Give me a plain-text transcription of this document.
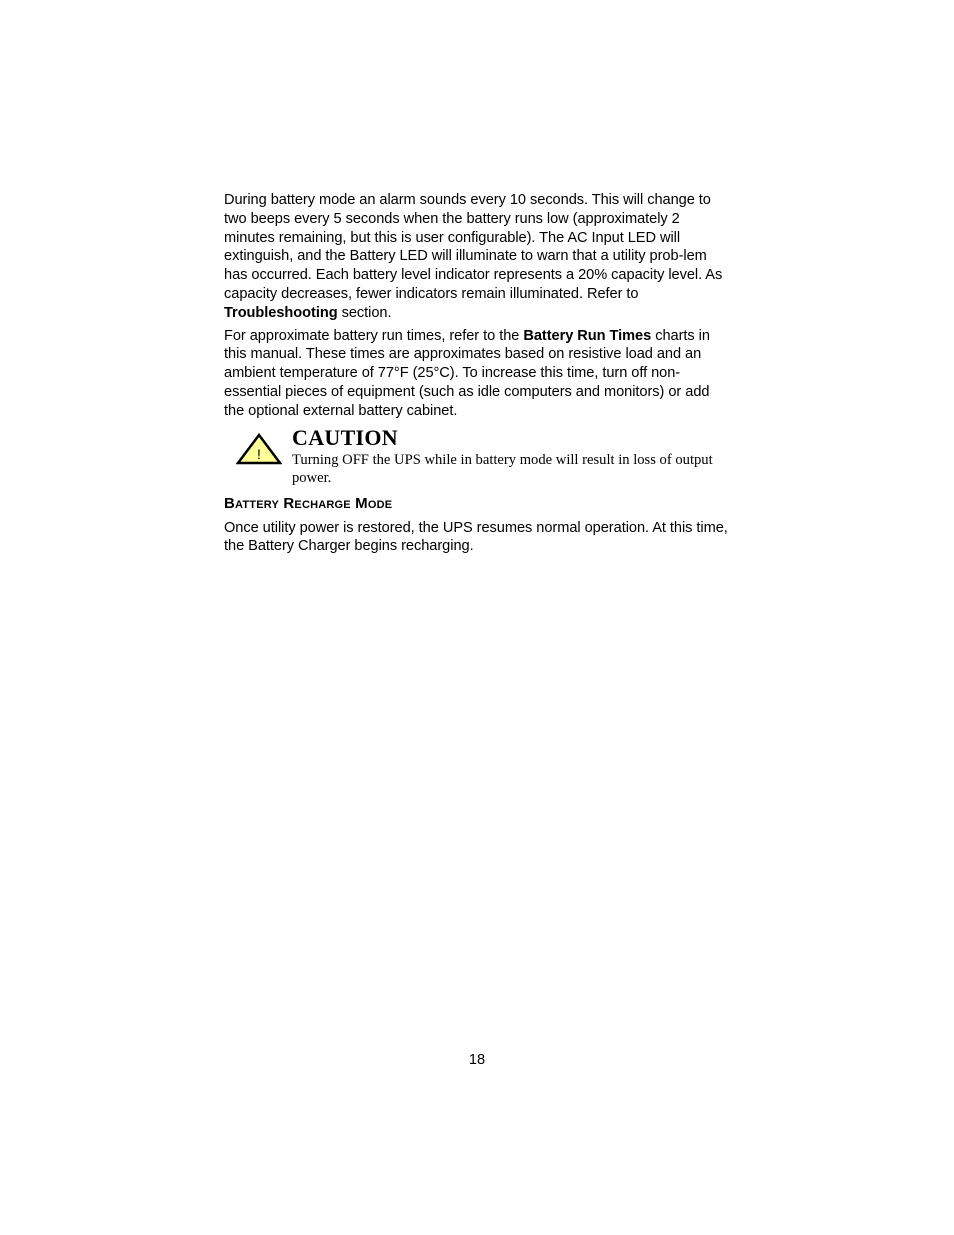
During battery mode an alarm sounds every 10 seconds. This will change to two beeps every 5 seconds when the battery runs low (approximately 2 minutes remaining, but this is user configurable). The AC Input LED will extinguish, and the Battery LED will illuminate to warn that a utility prob-lem has occurred. Each battery level indicator represents a 20% capacity level. As capacity decreases, fewer indicators remain illuminated. Refer to Troubleshooting section.

For approximate battery run times, refer to the Battery Run Times charts in this manual. These times are approximates based on resistive load and an ambient temperature of 77°F (25°C). To increase this time, turn off non-essential pieces of equipment (such as idle computers and monitors) or add the optional external battery cabinet.

!
CAUTION
Turning OFF the UPS while in battery mode will result in loss of output power.
Battery Recharge Mode

Once utility power is restored, the UPS resumes normal operation. At this time, the Battery Charger begins recharging.

18
